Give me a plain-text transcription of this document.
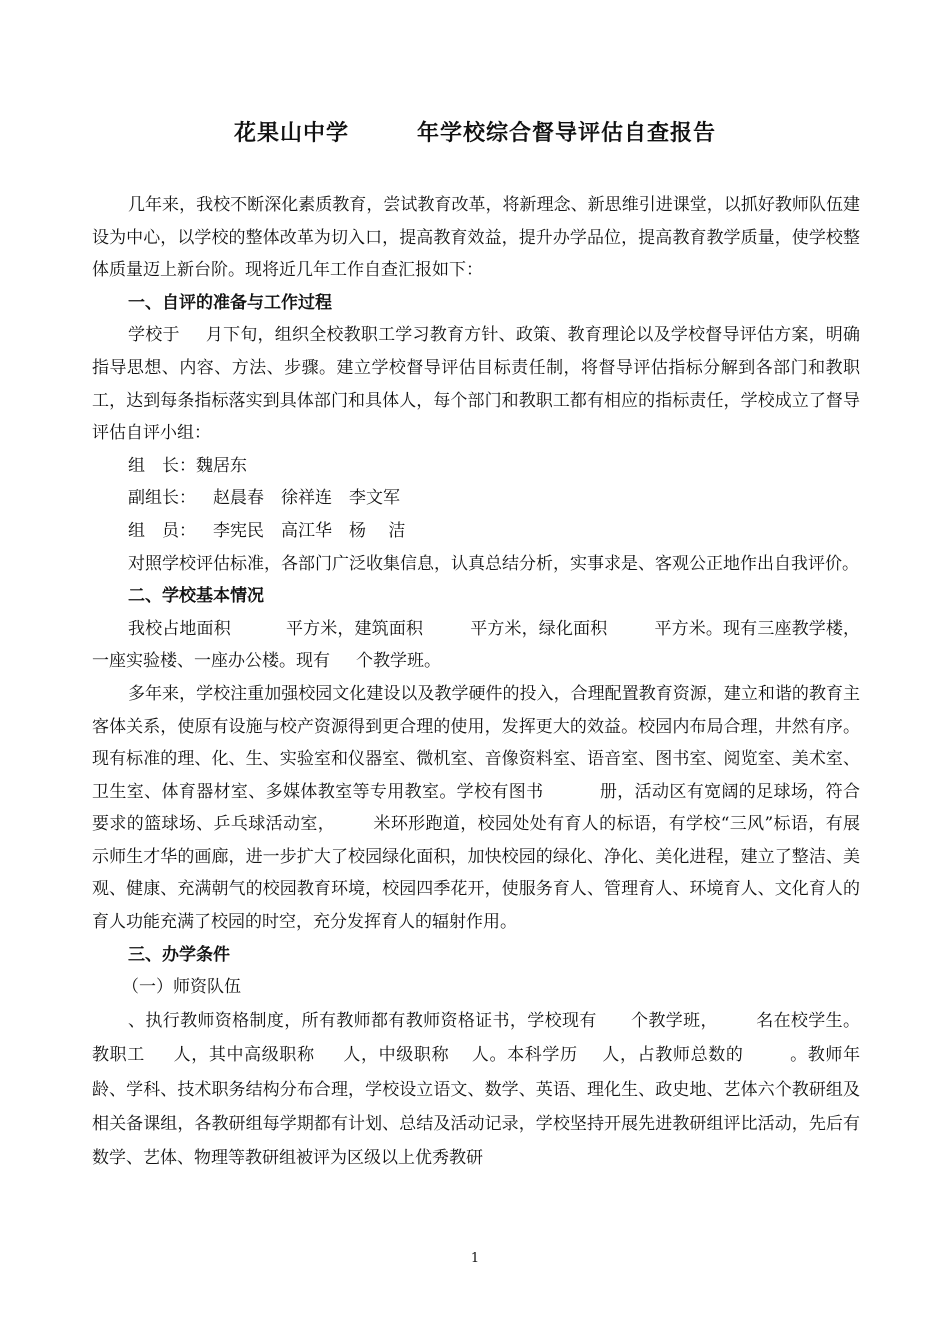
花果山中学	年学校综合督导评估自查报告

几年来，我校不断深化素质教育，尝试教育改革，将新理念、新思维引进课堂，以抓好教师队伍建设为中心，以学校的整体改革为切入口，提高教育效益，提升办学品位，提高教育教学质量，使学校整体质量迈上新台阶。现将近几年工作自查汇报如下：

一、自评的准备与工作过程

学校于 月下旬，组织全校教职工学习教育方针、政策、教育理论以及学校督导评估方案，明确指导思想、内容、方法、步骤。建立学校督导评估目标责任制，将督导评估指标分解到各部门和教职工，达到每条指标落实到具体部门和具体人，每个部门和教职工都有相应的指标责任，学校成立了督导评估自评小组：

组　长：魏居东

副组长： 赵晨春　徐祥连　李文军

组　员： 李宪民　高江华　杨　 洁

对照学校评估标准，各部门广泛收集信息，认真总结分析，实事求是、客观公正地作出自我评价。

二、学校基本情况

我校占地面积	平方米，建筑面积	平方米，绿化面积	平方米。现有三座教学楼，一座实验楼、一座办公楼。现有 个教学班。

多年来，学校注重加强校园文化建设以及教学硬件的投入，合理配置教育资源，建立和谐的教育主客体关系，使原有设施与校产资源得到更合理的使用，发挥更大的效益。校园内布局合理，井然有序。现有标准的理、化、生、实验室和仪器室、微机室、音像资料室、语音室、图书室、阅览室、美术室、卫生室、体育器材室、多媒体教室等专用教室。学校有图书	册，活动区有宽阔的足球场，符合要求的篮球场、乒乓球活动室， 米环形跑道，校园处处有育人的标语，有学校“三风”标语，有展示师生才华的画廊，进一步扩大了校园绿化面积，加快校园的绿化、净化、美化进程，建立了整洁、美观、健康、充满朝气的校园教育环境，校园四季花开，使服务育人、管理育人、环境育人、文化育人的育人功能充满了校园的时空，充分发挥育人的辐射作用。

三、办学条件

（一）师资队伍

、执行教师资格制度，所有教师都有教师资格证书，学校现有 个教学班， 名在校学生。教职工 人，其中高级职称 人，中级职称 人。本科学历 人，占教师总数的	。教师年龄、学科、技术职务结构分布合理，学校设立语文、数学、英语、理化生、政史地、艺体六个教研组及相关备课组，各教研组每学期都有计划、总结及活动记录，学校坚持开展先进教研组评比活动，先后有数学、艺体、物理等教研组被评为区级以上优秀教研

1
